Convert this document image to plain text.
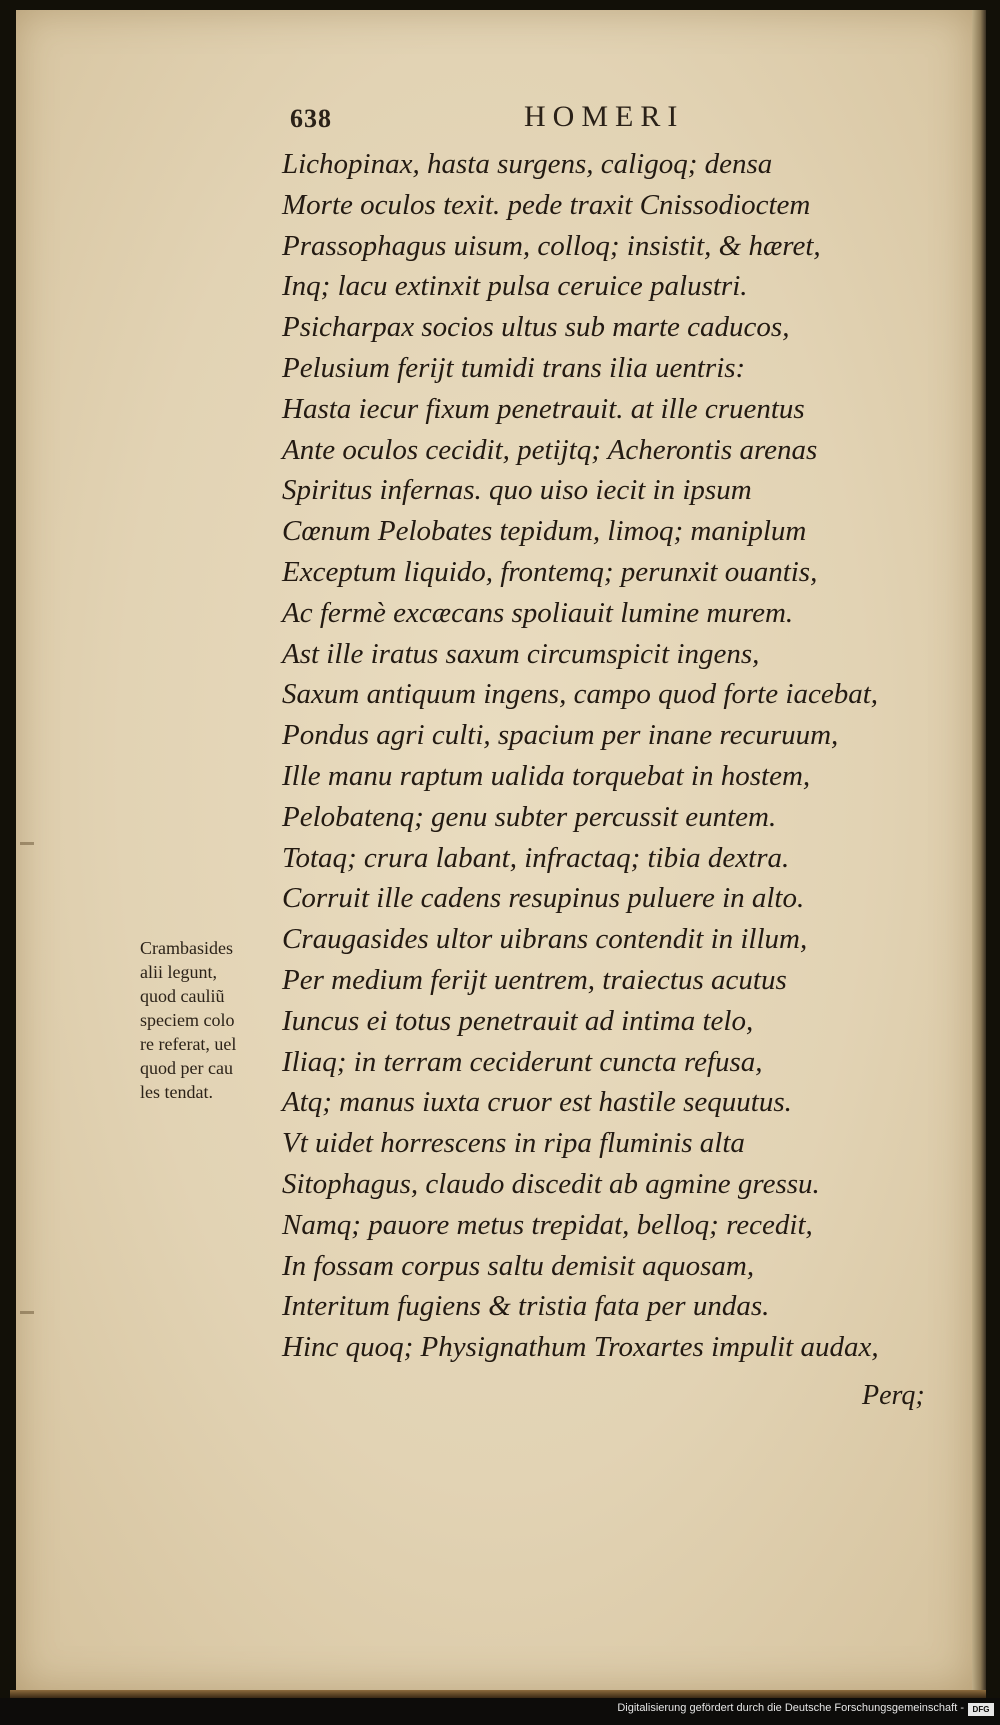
638	HOMERI
Lichopinax, hasta surgens, caligoq; densa
Morte oculos texit. pede traxit Cnissodioctem
Prassophagus uisum, colloq; insistit, & hæret,
Inq; lacu extinxit pulsa ceruice palustri.
Psicharpax socios ultus sub marte caducos,
Pelusium ferijt tumidi trans ilia uentris:
Hasta iecur fixum penetrauit. at ille cruentus
Ante oculos cecidit, petijtq; Acherontis arenas
Spiritus infernas. quo uiso iecit in ipsum
Cœnum Pelobates tepidum, limoq; maniplum
Exceptum liquido, frontemq; perunxit ouantis,
Ac fermè excæcans spoliauit lumine murem.
Ast ille iratus saxum circumspicit ingens,
Saxum antiquum ingens, campo quod forte iacebat,
Pondus agri culti, spacium per inane recuruum,
Ille manu raptum ualida torquebat in hostem,
Pelobatenq; genu subter percussit euntem.
Totaq; crura labant, infractaq; tibia dextra.
Corruit ille cadens resupinus puluere in alto.
Craugasides ultor uibrans contendit in illum,
Per medium ferijt uentrem, traiectus acutus
Iuncus ei totus penetrauit ad intima telo,
Iliaq; in terram ceciderunt cuncta refusa,
Atq; manus iuxta cruor est hastile sequutus.
Vt uidet horrescens in ripa fluminis alta
Sitophagus, claudo discedit ab agmine gressu.
Namq; pauore metus trepidat, belloq; recedit,
In fossam corpus saltu demisit aquosam,
Interitum fugiens & tristia fata per undas.
Hinc quoq; Physignathum Troxartes impulit audax,
Perq;
Crambasides
alii legunt,
quod cauliũ
speciem colo
re referat, uel
quod per cau
les tendat.
Digitalisierung gefördert durch die Deutsche Forschungsgemeinschaft -	DFG
